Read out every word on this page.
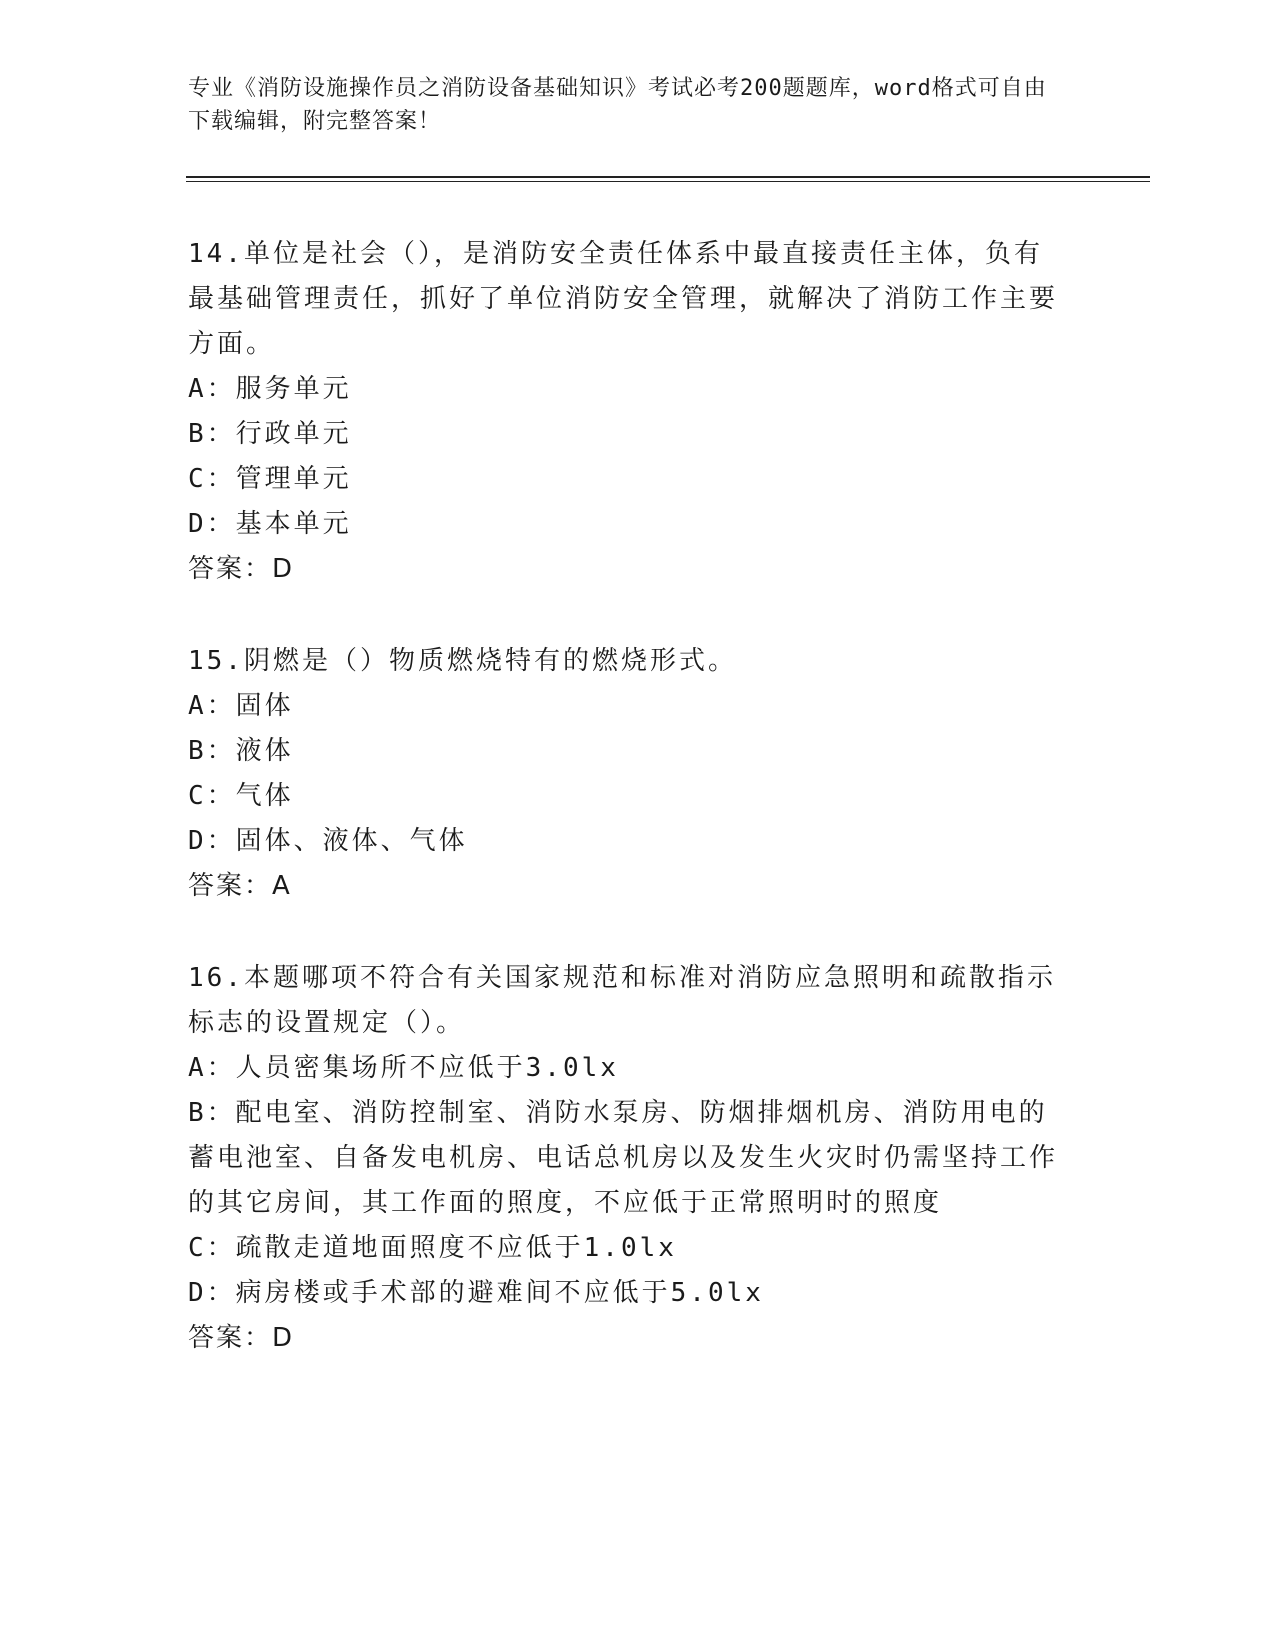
专业《消防设施操作员之消防设备基础知识》考试必考200题题库，word格式可自由下载编辑，附完整答案！

14.单位是社会（），是消防安全责任体系中最直接责任主体，负有最基础管理责任，抓好了单位消防安全管理，就解决了消防工作主要方面。

A：服务单元

B：行政单元

C：管理单元

D：基本单元

答案：D

15.阴燃是（）物质燃烧特有的燃烧形式。

A：固体

B：液体

C：气体

D：固体、液体、气体

答案：A

16.本题哪项不符合有关国家规范和标准对消防应急照明和疏散指示标志的设置规定（）。

A：人员密集场所不应低于3.0lx

B：配电室、消防控制室、消防水泵房、防烟排烟机房、消防用电的蓄电池室、自备发电机房、电话总机房以及发生火灾时仍需坚持工作的其它房间，其工作面的照度，不应低于正常照明时的照度

C：疏散走道地面照度不应低于1.0lx

D：病房楼或手术部的避难间不应低于5.0lx

答案：D
